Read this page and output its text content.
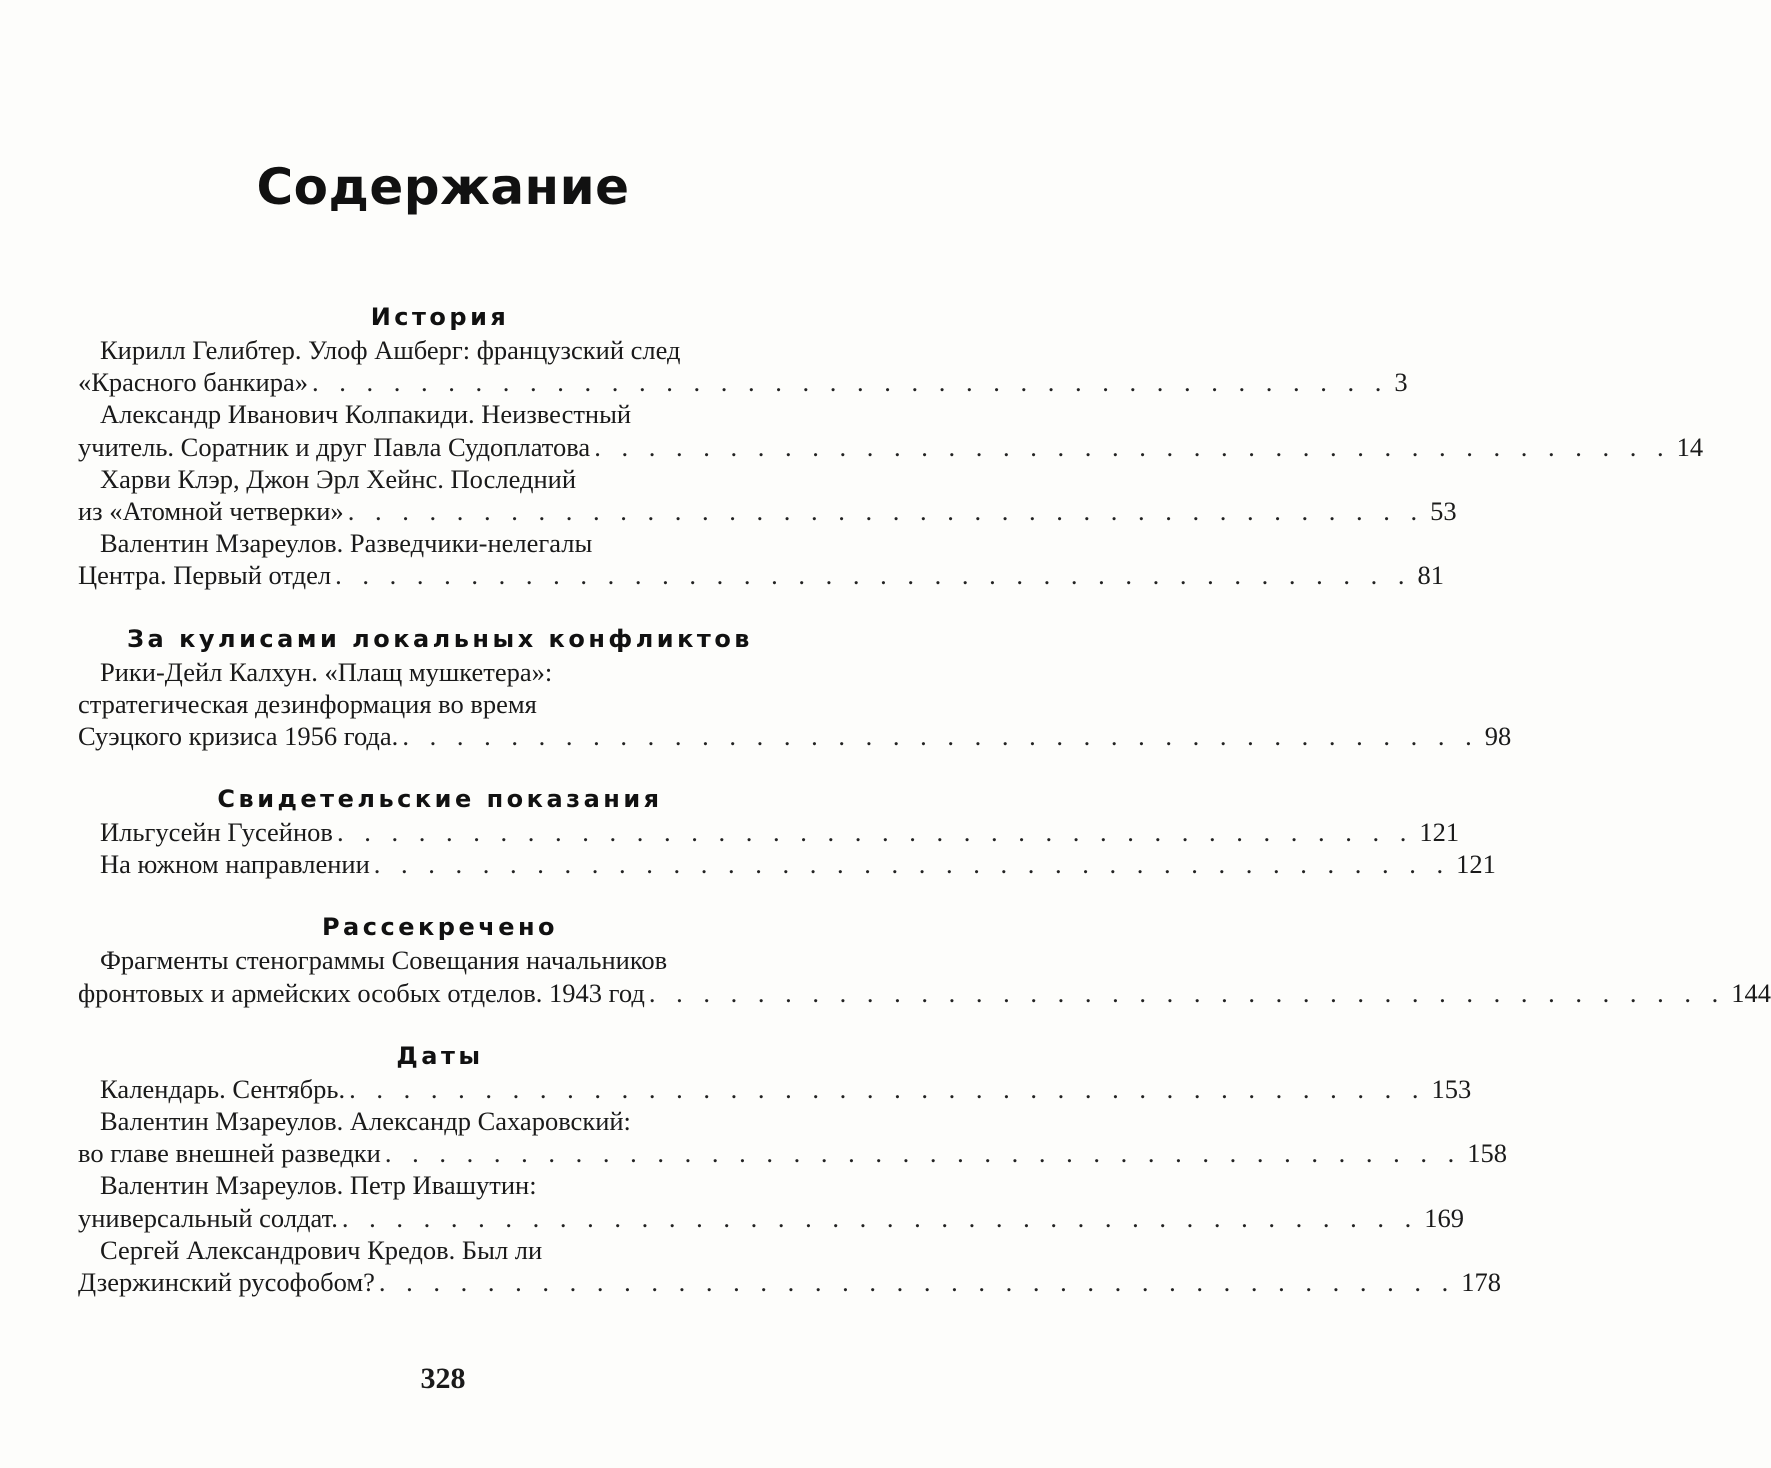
Содержание
История
Кирилл Гелибтер. Улоф Ашберг: французский след
«Красного банкира» . . . . . . . . . . . . . . . . . . . . . . . . . . . . . . . . . . . . . . . . 3
Александр Иванович Колпакиди. Неизвестный
учитель. Соратник и друг Павла Судоплатова . . . . . . . . . . . . . . . . . . . . . . . . . . . . . . . . . . . . . . . . 14
Харви Клэр, Джон Эрл Хейнс. Последний
из «Атомной четверки» . . . . . . . . . . . . . . . . . . . . . . . . . . . . . . . . . . . . . . . . 53
Валентин Мзареулов. Разведчики-нелегалы
Центра. Первый отдел . . . . . . . . . . . . . . . . . . . . . . . . . . . . . . . . . . . . . . . . 81
За кулисами локальных конфликтов
Рики-Дейл Калхун. «Плащ мушкетера»:
стратегическая дезинформация во время
Суэцкого кризиса 1956 года. . . . . . . . . . . . . . . . . . . . . . . . . . . . . . . . . . . . . . . . . 98
Свидетельские показания
Ильгусейн Гусейнов . . . . . . . . . . . . . . . . . . . . . . . . . . . . . . . . . . . . . . . . 121
На южном направлении . . . . . . . . . . . . . . . . . . . . . . . . . . . . . . . . . . . . . . . . 121
Рассекречено
Фрагменты стенограммы Совещания начальников
фронтовых и армейских особых отделов. 1943 год . . . . . . . . . . . . . . . . . . . . . . . . . . . . . . . . . . . . . . . . 144
Даты
Календарь. Сентябрь. . . . . . . . . . . . . . . . . . . . . . . . . . . . . . . . . . . . . . . . . 153
Валентин Мзареулов. Александр Сахаровский:
во главе внешней разведки . . . . . . . . . . . . . . . . . . . . . . . . . . . . . . . . . . . . . . . . 158
Валентин Мзареулов. Петр Ивашутин:
универсальный солдат. . . . . . . . . . . . . . . . . . . . . . . . . . . . . . . . . . . . . . . . . 169
Сергей Александрович Кредов. Был ли
Дзержинский русофобом? . . . . . . . . . . . . . . . . . . . . . . . . . . . . . . . . . . . . . . . . 178
328
